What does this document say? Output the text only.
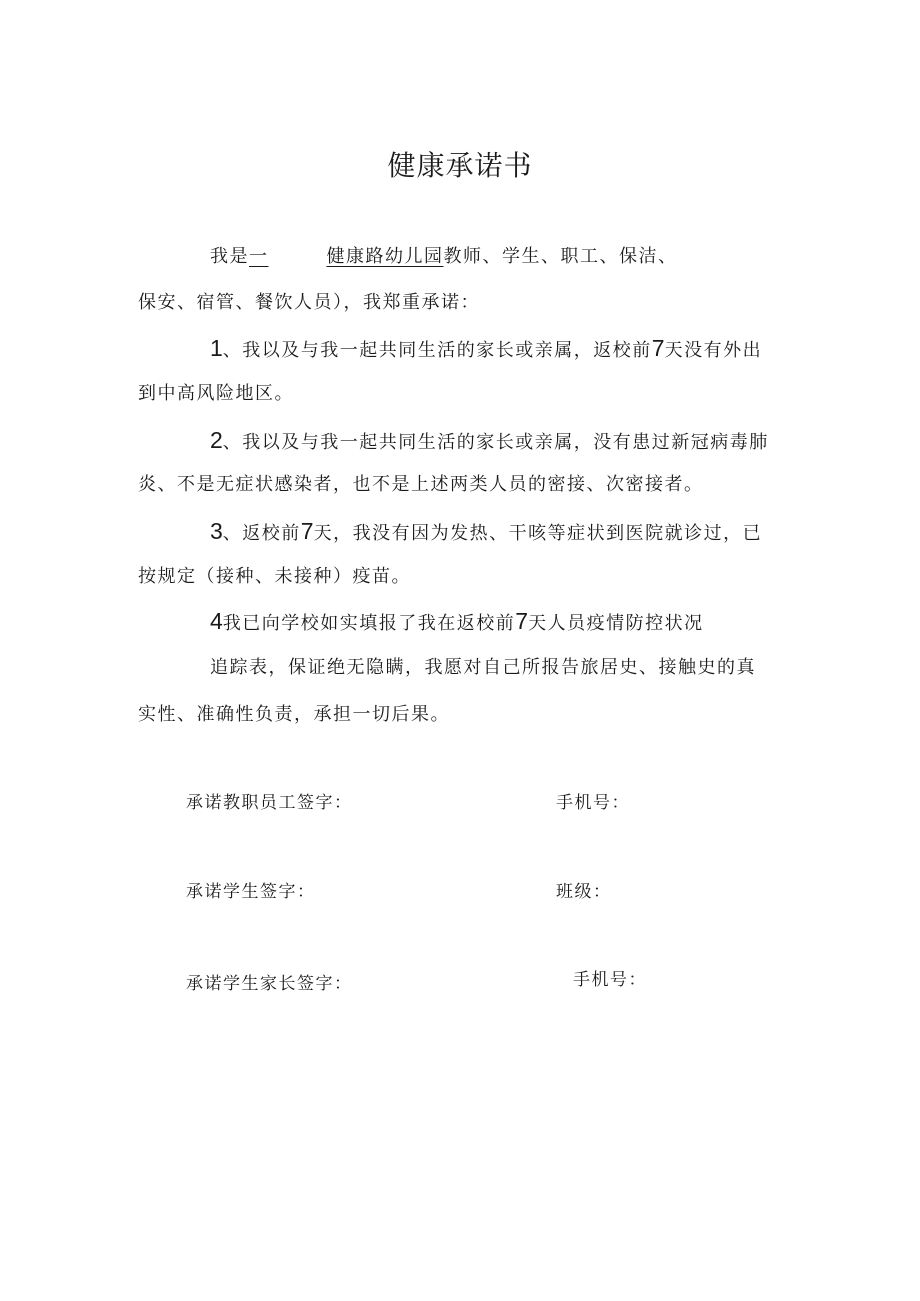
健康承诺书

我是一	健康路幼儿园教师、学生、职工、保洁、

保安、宿管、餐饮人员），我郑重承诺：

1、我以及与我一起共同生活的家长或亲属，返校前7天没有外出

到中高风险地区。

2、我以及与我一起共同生活的家长或亲属，没有患过新冠病毒肺

炎、不是无症状感染者，也不是上述两类人员的密接、次密接者。

3、返校前7天，我没有因为发热、干咳等症状到医院就诊过，已

按规定（接种、未接种）疫苗。

4我已向学校如实填报了我在返校前7天人员疫情防控状况

追踪表，保证绝无隐瞒，我愿对自己所报告旅居史、接触史的真

实性、准确性负责，承担一切后果。

承诺教职员工签字：	手机号：

承诺学生签字：	班级：

承诺学生家长签字：	手机号：
